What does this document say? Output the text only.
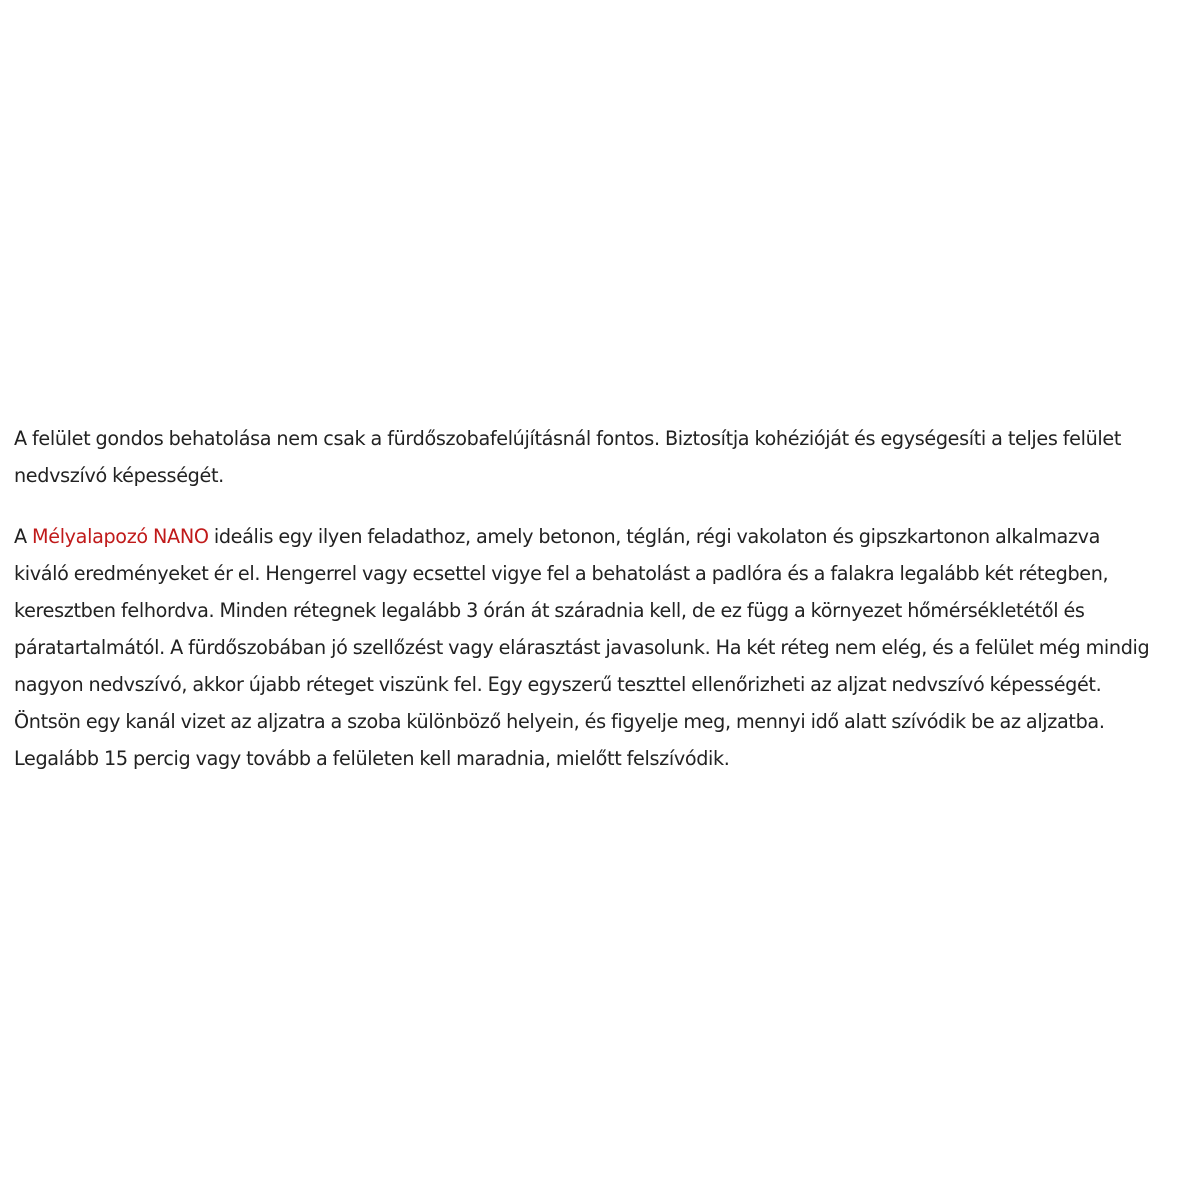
A felület gondos behatolása nem csak a fürdőszobafelújításnál fontos. Biztosítja kohézióját és egységesíti a teljes felület
nedvszívó képességét.

A Mélyalapozó NANO ideális egy ilyen feladathoz, amely betonon, téglán, régi vakolaton és gipszkartonon alkalmazva
kiváló eredményeket ér el. Hengerrel vagy ecsettel vigye fel a behatolást a padlóra és a falakra legalább két rétegben,
keresztben felhordva. Minden rétegnek legalább 3 órán át száradnia kell, de ez függ a környezet hőmérsékletétől és
páratartalmától. A fürdőszobában jó szellőzést vagy elárasztást javasolunk. Ha két réteg nem elég, és a felület még mindig
nagyon nedvszívó, akkor újabb réteget viszünk fel. Egy egyszerű teszttel ellenőrizheti az aljzat nedvszívó képességét.
Öntsön egy kanál vizet az aljzatra a szoba különböző helyein, és figyelje meg, mennyi idő alatt szívódik be az aljzatba.
Legalább 15 percig vagy tovább a felületen kell maradnia, mielőtt felszívódik.
